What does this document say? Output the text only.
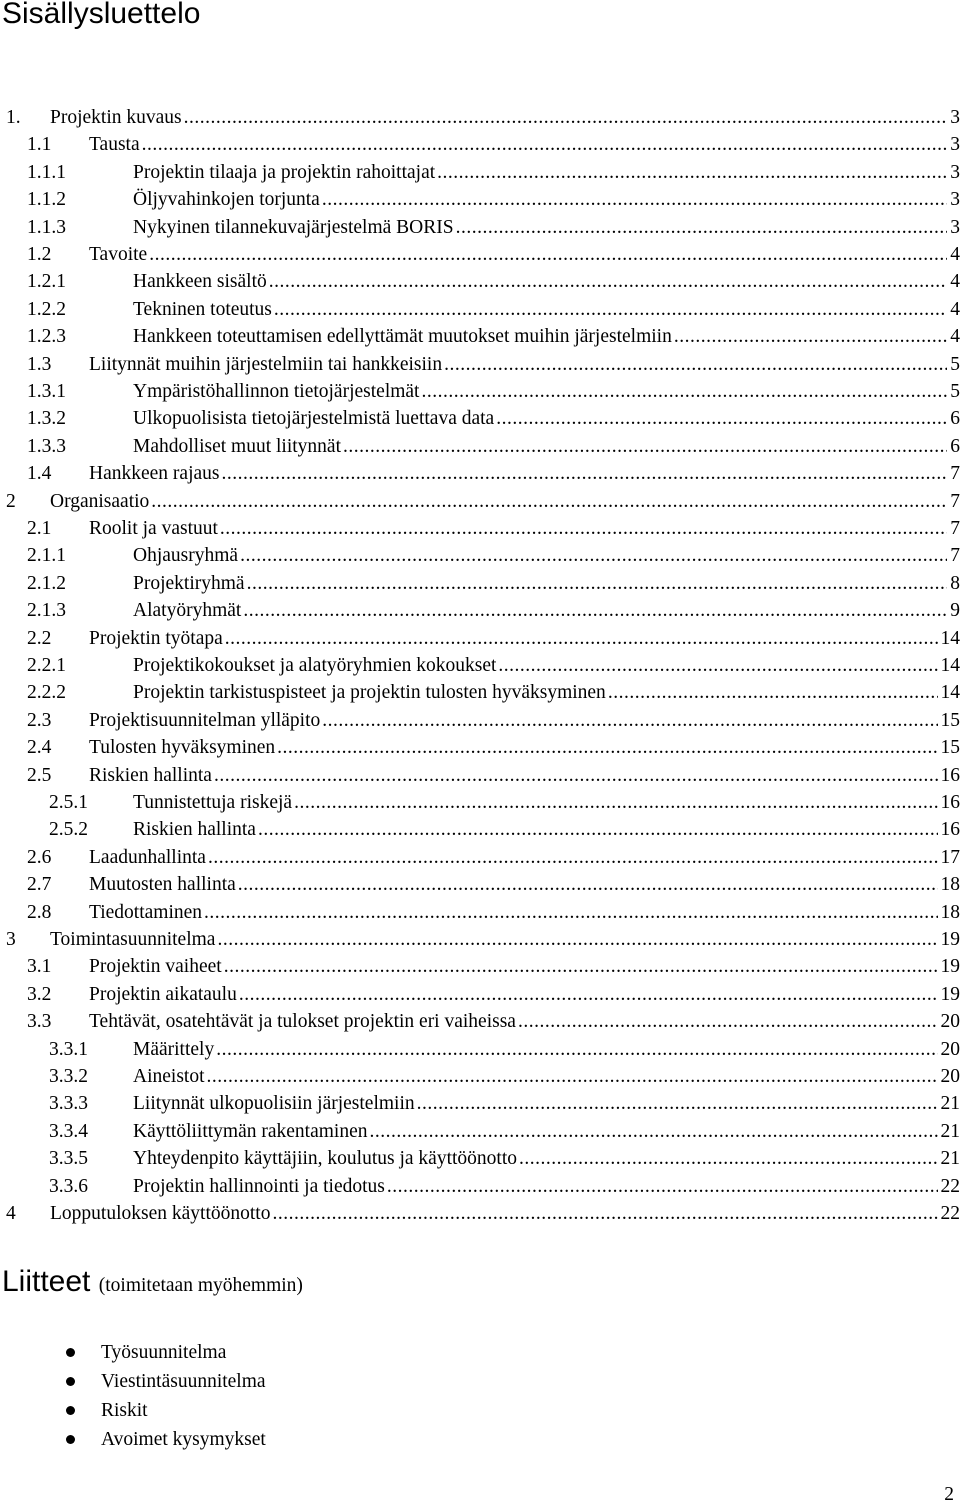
Sisällysluettelo
1. Projektin kuvaus .....	3
1.1 Tausta .....	3
1.1.1	Projektin tilaaja ja projektin rahoittajat .....	3
1.1.2	Öljyvahinkojen torjunta .....	3
1.1.3	Nykyinen tilannekuvajärjestelmä BORIS .....	3
1.2 Tavoite .....	4
1.2.1	Hankkeen sisältö .....	4
1.2.2	Tekninen toteutus .....	4
1.2.3	Hankkeen toteuttamisen edellyttämät muutokset muihin järjestelmiin .....	4
1.3 Liitynnät muihin järjestelmiin tai hankkeisiin .....	5
1.3.1	Ympäristöhallinnon tietojärjestelmät .....	5
1.3.2	Ulkopuolisista tietojärjestelmistä luettava data .....	6
1.3.3	Mahdolliset muut liitynnät .....	6
1.4 Hankkeen rajaus .....	7
2 Organisaatio .....	7
2.1 Roolit ja vastuut .....	7
2.1.1	Ohjausryhmä .....	7
2.1.2	Projektiryhmä .....	8
2.1.3	Alatyöryhmät .....	9
2.2 Projektin työtapa .....	14
2.2.1	Projektikokoukset ja alatyöryhmien kokoukset .....	14
2.2.2	Projektin tarkistuspisteet ja projektin tulosten hyväksyminen .....	14
2.3 Projektisuunnitelman ylläpito .....	15
2.4 Tulosten hyväksyminen .....	15
2.5 Riskien hallinta .....	16
2.5.1 Tunnistettuja riskejä .....	16
2.5.2 Riskien hallinta .....	16
2.6 Laadunhallinta .....	17
2.7 Muutosten hallinta .....	18
2.8 Tiedottaminen .....	18
3 Toimintasuunnitelma .....	19
3.1 Projektin vaiheet .....	19
3.2 Projektin aikataulu .....	19
3.3 Tehtävät, osatehtävät ja tulokset projektin eri vaiheissa .....	20
3.3.1 Määrittely .....	20
3.3.2 Aineistot .....	20
3.3.3 Liitynnät ulkopuolisiin järjestelmiin .....	21
3.3.4 Käyttöliittymän rakentaminen .....	21
3.3.5 Yhteydenpito käyttäjiin, koulutus ja käyttöönotto .....	21
3.3.6 Projektin hallinnointi ja tiedotus .....	22
4 Lopputuloksen käyttöönotto .....	22
Liitteet (toimitetaan myöhemmin)
Työsuunnitelma
Viestintäsuunnitelma
Riskit
Avoimet kysymykset
2
